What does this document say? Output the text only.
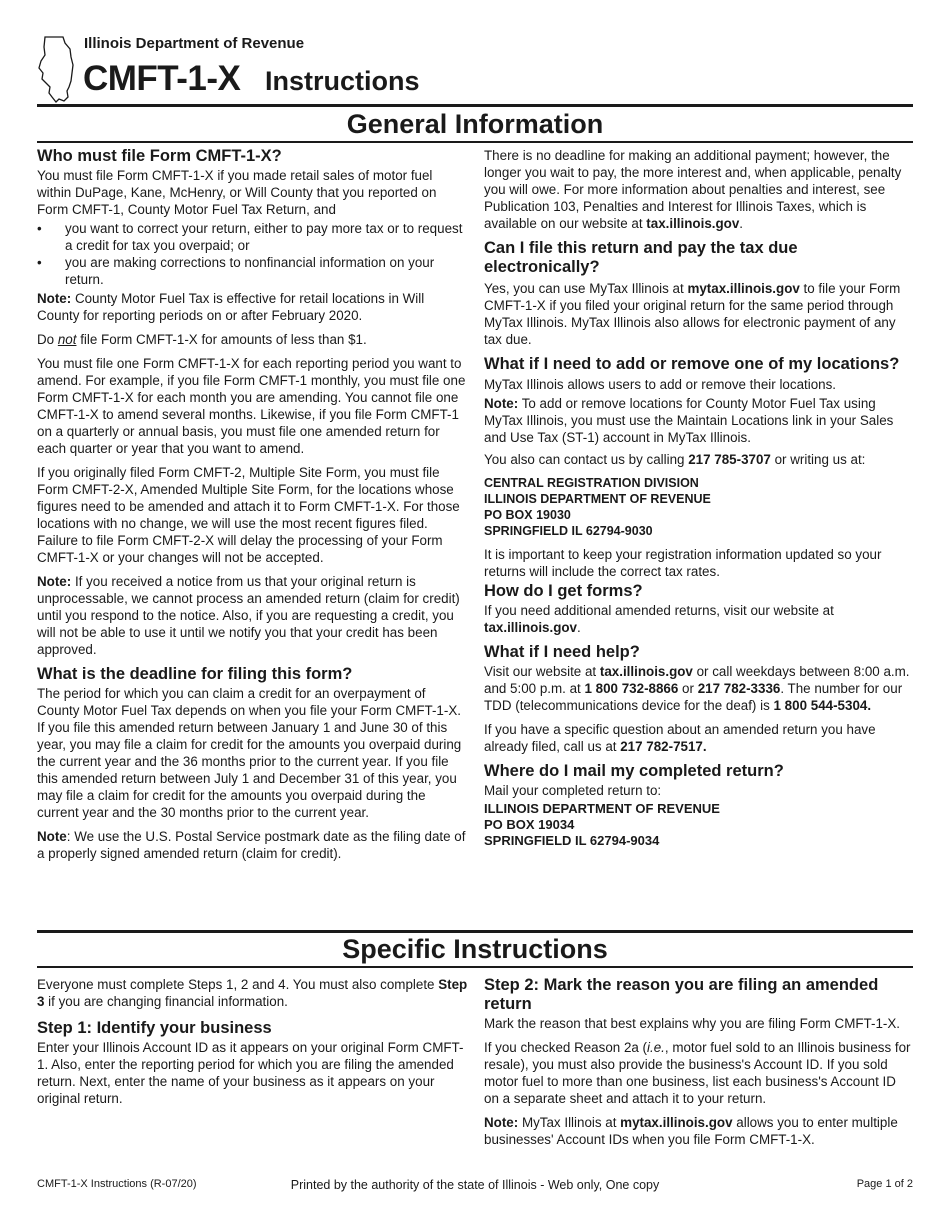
Illinois Department of Revenue
CMFT-1-X Instructions
General Information
Who must file Form CMFT-1-X?

You must file Form CMFT-1-X if you made retail sales of motor fuel within DuPage, Kane, McHenry, or Will County that you reported on Form CMFT-1, County Motor Fuel Tax Return, and

• you want to correct your return, either to pay more tax or to request a credit for tax you overpaid; or
• you are making corrections to nonfinancial information on your return.

Note: County Motor Fuel Tax is effective for retail locations in Will County for reporting periods on or after February 2020.

Do not file Form CMFT-1-X for amounts of less than $1.

You must file one Form CMFT-1-X for each reporting period you want to amend. For example, if you file Form CMFT-1 monthly, you must file one Form CMFT-1-X for each month you are amending. You cannot file one CMFT-1-X to amend several months. Likewise, if you file Form CMFT-1 on a quarterly or annual basis, you must file one amended return for each quarter or year that you want to amend.

If you originally filed Form CMFT-2, Multiple Site Form, you must file Form CMFT-2-X, Amended Multiple Site Form, for the locations whose figures need to be amended and attach it to Form CMFT-1-X. For those locations with no change, we will use the most recent figures filed. Failure to file Form CMFT-2-X will delay the processing of your Form CMFT-1-X or your changes will not be accepted.

Note: If you received a notice from us that your original return is unprocessable, we cannot process an amended return (claim for credit) until you respond to the notice. Also, if you are requesting a credit, you will not be able to use it until we notify you that your credit has been approved.

What is the deadline for filing this form?

The period for which you can claim a credit for an overpayment of County Motor Fuel Tax depends on when you file your Form CMFT-1-X. If you file this amended return between January 1 and June 30 of this year, you may file a claim for credit for the amounts you overpaid during the current year and the 36 months prior to the current year. If you file this amended return between July 1 and December 31 of this year, you may file a claim for credit for the amounts you overpaid during the current year and the 30 months prior to the current year.

Note: We use the U.S. Postal Service postmark date as the filing date of a properly signed amended return (claim for credit).

There is no deadline for making an additional payment; however, the longer you wait to pay, the more interest and, when applicable, penalty you will owe. For more information about penalties and interest, see Publication 103, Penalties and Interest for Illinois Taxes, which is available on our website at tax.illinois.gov.

Can I file this return and pay the tax due electronically?

Yes, you can use MyTax Illinois at mytax.illinois.gov to file your Form CMFT-1-X if you filed your original return for the same period through MyTax Illinois. MyTax Illinois also allows for electronic payment of any tax due.

What if I need to add or remove one of my locations?

MyTax Illinois allows users to add or remove their locations.

Note: To add or remove locations for County Motor Fuel Tax using MyTax Illinois, you must use the Maintain Locations link in your Sales and Use Tax (ST-1) account in MyTax Illinois.

You also can contact us by calling 217 785-3707 or writing us at:

CENTRAL REGISTRATION DIVISION
ILLINOIS DEPARTMENT OF REVENUE
PO BOX 19030
SPRINGFIELD IL 62794-9030

It is important to keep your registration information updated so your returns will include the correct tax rates.

How do I get forms?

If you need additional amended returns, visit our website at tax.illinois.gov.

What if I need help?

Visit our website at tax.illinois.gov or call weekdays between 8:00 a.m. and 5:00 p.m. at 1 800 732-8866 or 217 782-3336. The number for our TDD (telecommunications device for the deaf) is 1 800 544-5304.

If you have a specific question about an amended return you have already filed, call us at 217 782-7517.

Where do I mail my completed return?

Mail your completed return to:

ILLINOIS DEPARTMENT OF REVENUE
PO BOX 19034
SPRINGFIELD IL 62794-9034
Specific Instructions

Everyone must complete Steps 1, 2 and 4. You must also complete Step 3 if you are changing financial information.

Step 1: Identify your business

Enter your Illinois Account ID as it appears on your original Form CMFT-1. Also, enter the reporting period for which you are filing the amended return. Next, enter the name of your business as it appears on your original return.

Step 2: Mark the reason you are filing an amended return

Mark the reason that best explains why you are filing Form CMFT-1-X.

If you checked Reason 2a (i.e., motor fuel sold to an Illinois business for resale), you must also provide the business's Account ID. If you sold motor fuel to more than one business, list each business's Account ID on a separate sheet and attach it to your return.

Note: MyTax Illinois at mytax.illinois.gov allows you to enter multiple businesses' Account IDs when you file Form CMFT-1-X.

CMFT-1-X Instructions (R-07/20)	Printed by the authority of the state of Illinois - Web only, One copy	Page 1 of 2
